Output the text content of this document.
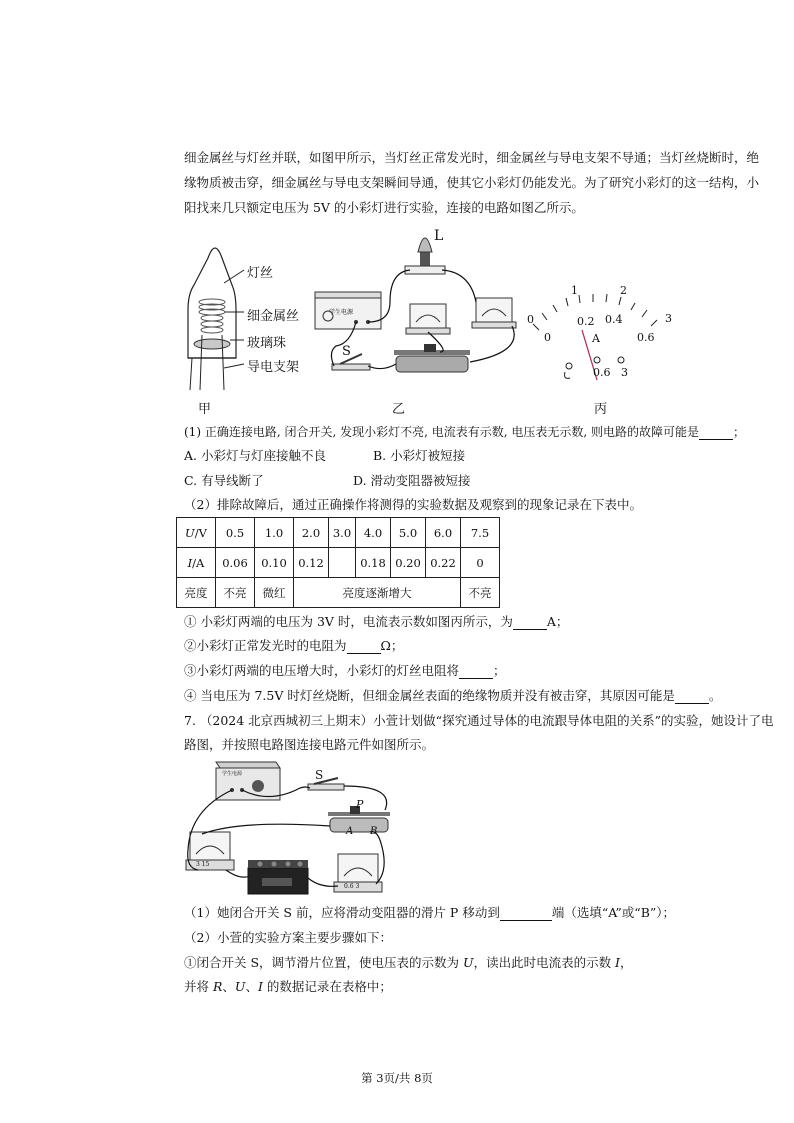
细金属丝与灯丝并联，如图甲所示，当灯丝正常发光时，细金属丝与导电支架不导通；当灯丝烧断时，绝
缘物质被击穿，细金属丝与导电支架瞬间导通，使其它小彩灯仍能发光。为了研究小彩灯的这一结构，小
阳找来几只额定电压为 5V 的小彩灯进行实验，连接的电路如图乙所示。
灯丝
细金属丝
玻璃珠
导电支架
甲
学生电源
L
S
乙
0
1	2
3
0
0.2 0.4
0.6
A
0.6 3
丙
(1) 正确连接电路, 闭合开关, 发现小彩灯不亮, 电流表有示数, 电压表无示数, 则电路的故障可能是	；
A. 小彩灯与灯座接触不良	B. 小彩灯被短接
C. 有导线断了	D. 滑动变阻器被短接
（2）排除故障后，通过正确操作将测得的实验数据及观察到的现象记录在下表中。
U/V	0.5	1.0	2.0	3.0	4.0	5.0	6.0	7.5
I/A	0.06	0.10	0.12		0.18	0.20	0.22	0
亮度	不亮	微红	亮度逐渐增大					不亮
① 小彩灯两端的电压为 3V 时，电流表示数如图丙所示，为	A；
②小彩灯正常发光时的电阻为	Ω；
③小彩灯两端的电压增大时，小彩灯的灯丝电阻将	；
④ 当电压为 7.5V 时灯丝烧断，但细金属丝表面的绝缘物质并没有被击穿，其原因可能是	。
7. （2024 北京西城初三上期末）小萱计划做“探究通过导体的电流跟导体电阻的关系”的实验，她设计了电
路图，并按照电路图连接电路元件如图所示。
学生电源	S
P
A B
3 15
0.6 3
（1）她闭合开关 S 前，应将滑动变阻器的滑片 P 移动到	端（选填“A”或“B”）；
（2）小萱的实验方案主要步骤如下：
①闭合开关 S，调节滑片位置，使电压表的示数为 U，读出此时电流表的示数 I，
并将 R、U、I 的数据记录在表格中；
第 3页/共 8页
